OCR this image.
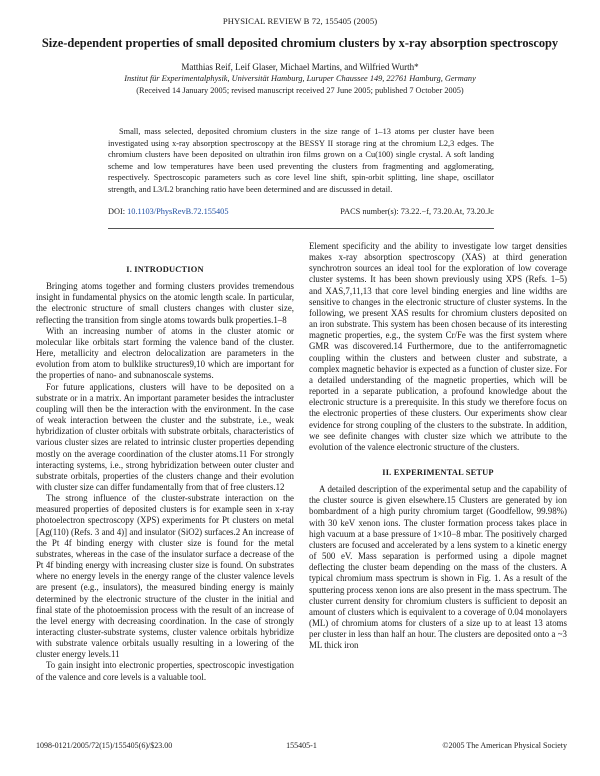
PHYSICAL REVIEW B 72, 155405 (2005)
Size-dependent properties of small deposited chromium clusters by x-ray absorption spectroscopy
Matthias Reif, Leif Glaser, Michael Martins, and Wilfried Wurth*
Institut für Experimentalphysik, Universität Hamburg, Luruper Chaussee 149, 22761 Hamburg, Germany
(Received 14 January 2005; revised manuscript received 27 June 2005; published 7 October 2005)
Small, mass selected, deposited chromium clusters in the size range of 1–13 atoms per cluster have been investigated using x-ray absorption spectroscopy at the BESSY II storage ring at the chromium L2,3 edges. The chromium clusters have been deposited on ultrathin iron films grown on a Cu(100) single crystal. A soft landing scheme and low temperatures have been used preventing the clusters from fragmenting and agglomerating, respectively. Spectroscopic parameters such as core level line shift, spin-orbit splitting, line shape, oscillator strength, and L3/L2 branching ratio have been determined and are discussed in detail.
DOI: 10.1103/PhysRevB.72.155405	PACS number(s): 73.22.−f, 73.20.At, 73.20.Jc
I. INTRODUCTION

Bringing atoms together and forming clusters provides tremendous insight in fundamental physics on the atomic length scale. In particular, the electronic structure of small clusters changes with cluster size, reflecting the transition from single atoms towards bulk properties.1–8

With an increasing number of atoms in the cluster atomic or molecular like orbitals start forming the valence band of the cluster. Here, metallicity and electron delocalization are parameters in the evolution from atom to bulklike structures9,10 which are important for the properties of nano- and subnanoscale systems.

For future applications, clusters will have to be deposited on a substrate or in a matrix. An important parameter besides the intracluster coupling will then be the interaction with the environment. In the case of weak interaction between the cluster and the substrate, i.e., weak hybridization of cluster orbitals with substrate orbitals, characteristics of various cluster sizes are related to intrinsic cluster properties depending mostly on the average coordination of the cluster atoms.11 For strongly interacting systems, i.e., strong hybridization between outer cluster and substrate orbitals, properties of the clusters change and their evolution with cluster size can differ fundamentally from that of free clusters.12

The strong influence of the cluster-substrate interaction on the measured properties of deposited clusters is for example seen in x-ray photoelectron spectroscopy (XPS) experiments for Pt clusters on metal [Ag(110) (Refs. 3 and 4)] and insulator (SiO2) surfaces.2 An increase of the Pt 4f binding energy with cluster size is found for the metal substrates, whereas in the case of the insulator surface a decrease of the Pt 4f binding energy with increasing cluster size is found. On substrates where no energy levels in the energy range of the cluster valence levels are present (e.g., insulators), the measured binding energy is mainly determined by the electronic structure of the cluster in the initial and final state of the photoemission process with the result of an increase of the level energy with decreasing coordination. In the case of strongly interacting cluster-substrate systems, cluster valence orbitals hybridize with substrate valence orbitals usually resulting in a lowering of the cluster energy levels.11

To gain insight into electronic properties, spectroscopic investigation of the valence and core levels is a valuable tool.

Element specificity and the ability to investigate low target densities makes x-ray absorption spectroscopy (XAS) at third generation synchrotron sources an ideal tool for the exploration of low coverage cluster systems. It has been shown previously using XPS (Refs. 1–5) and XAS,7,11,13 that core level binding energies and line widths are sensitive to changes in the electronic structure of cluster systems. In the following, we present XAS results for chromium clusters deposited on an iron substrate. This system has been chosen because of its interesting magnetic properties, e.g., the system Cr/Fe was the first system where GMR was discovered.14 Furthermore, due to the antiferromagnetic coupling within the clusters and between cluster and substrate, a complex magnetic behavior is expected as a function of cluster size. For a detailed understanding of the magnetic properties, which will be reported in a separate publication, a profound knowledge about the electronic structure is a prerequisite. In this study we therefore focus on the electronic properties of these clusters. Our experiments show clear evidence for strong coupling of the clusters to the substrate. In addition, we see definite changes with cluster size which we attribute to the evolution of the valence electronic structure of the clusters.

II. EXPERIMENTAL SETUP

A detailed description of the experimental setup and the capability of the cluster source is given elsewhere.15 Clusters are generated by ion bombardment of a high purity chromium target (Goodfellow, 99.98%) with 30 keV xenon ions. The cluster formation process takes place in high vacuum at a base pressure of 1×10−8 mbar. The positively charged clusters are focused and accelerated by a lens system to a kinetic energy of 500 eV. Mass separation is performed using a dipole magnet deflecting the cluster beam depending on the mass of the clusters. A typical chromium mass spectrum is shown in Fig. 1. As a result of the sputtering process xenon ions are also present in the mass spectrum. The cluster current density for chromium clusters is sufficient to deposit an amount of clusters which is equivalent to a coverage of 0.04 monolayers (ML) of chromium atoms for clusters of a size up to at least 13 atoms per cluster in less than half an hour. The clusters are deposited onto a ~3 ML thick iron

1098-0121/2005/72(15)/155405(6)/$23.00	155405-1	©2005 The American Physical Society
